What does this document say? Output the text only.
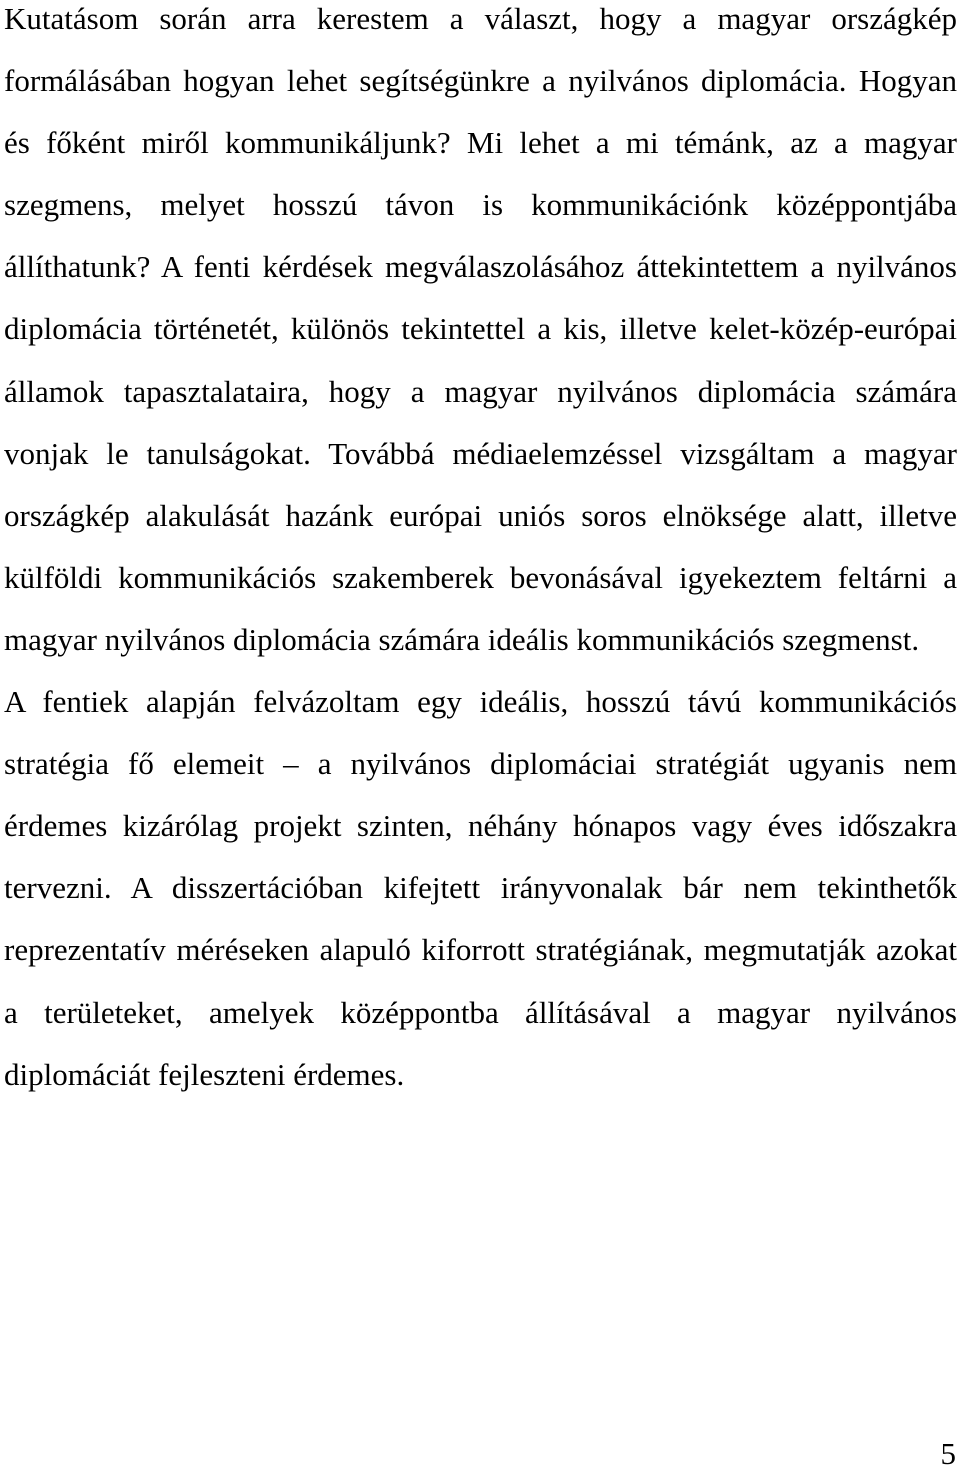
Kutatásom során arra kerestem a választ, hogy a magyar országkép formálásában hogyan lehet segítségünkre a nyilvános diplomácia. Hogyan és főként miről kommunikáljunk? Mi lehet a mi témánk, az a magyar szegmens, melyet hosszú távon is kommunikációnk középpontjába állíthatunk? A fenti kérdések megválaszolásához áttekintettem a nyilvános diplomácia történetét, különös tekintettel a kis, illetve kelet-közép-európai államok tapasztalataira, hogy a magyar nyilvános diplomácia számára vonjak le tanulságokat. Továbbá médiaelemzéssel vizsgáltam a magyar országkép alakulását hazánk európai uniós soros elnöksége alatt, illetve külföldi kommunikációs szakemberek bevonásával igyekeztem feltárni a magyar nyilvános diplomácia számára ideális kommunikációs szegmenst.

A fentiek alapján felvázoltam egy ideális, hosszú távú kommunikációs stratégia fő elemeit – a nyilvános diplomáciai stratégiát ugyanis nem érdemes kizárólag projekt szinten, néhány hónapos vagy éves időszakra tervezni. A disszertációban kifejtett irányvonalak bár nem tekinthetők reprezentatív méréseken alapuló kiforrott stratégiának, megmutatják azokat a területeket, amelyek középpontba állításával a magyar nyilvános diplomáciát fejleszteni érdemes.

5
